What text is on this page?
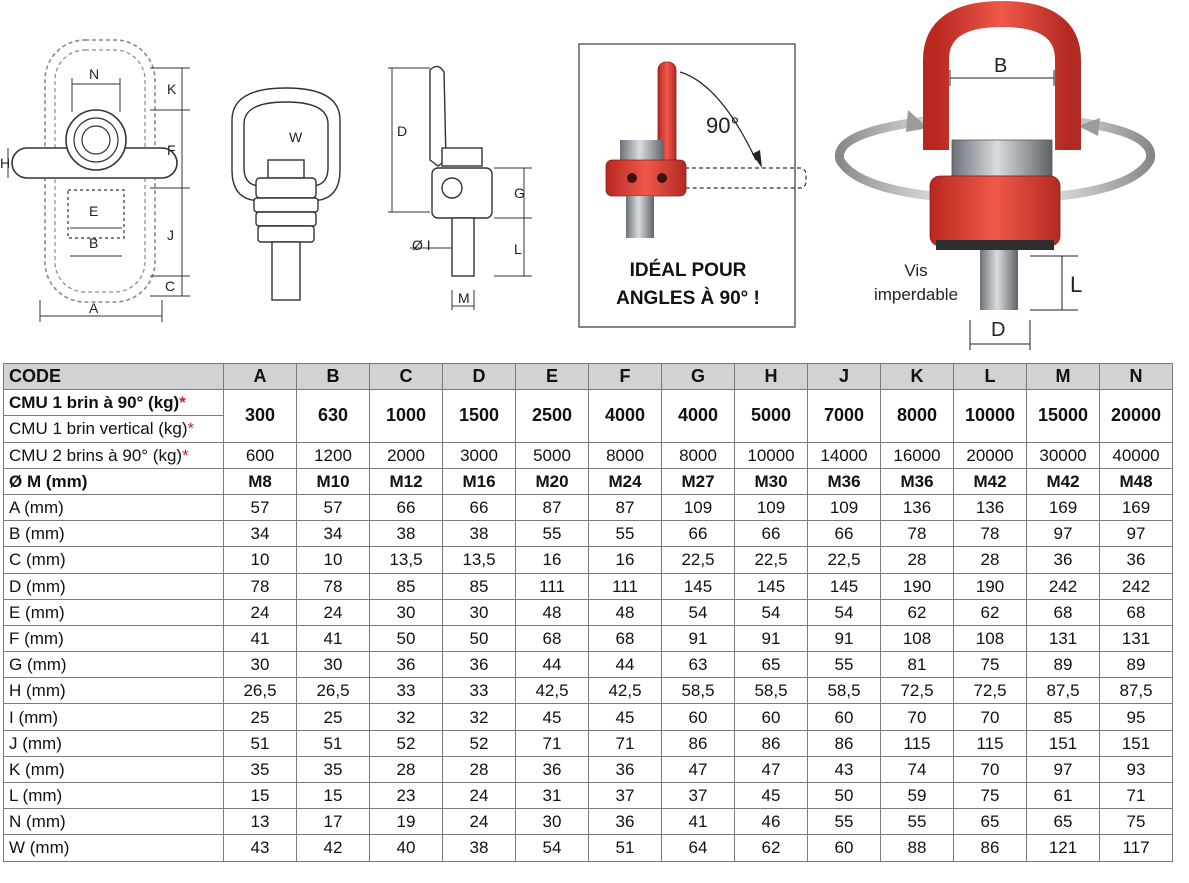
N
K
H
F
E
J
B
C
A
W	D
G
Ø I	L
M
90°
IDÉAL POUR
ANGLES À 90° !
B
L
D
Vis
imperdable
CODE	A	B	C	D	E	F	G	H	J	K	L	M	N
CMU 1 brin à 90° (kg)*	300	630	1000	1500	2500	4000	4000	5000	7000	8000	10000	15000	20000
CMU 1 brin vertical (kg)*													
CMU 2 brins à 90° (kg)*	600	1200	2000	3000	5000	8000	8000	10000	14000	16000	20000	30000	40000
Ø M (mm)	M8	M10	M12	M16	M20	M24	M27	M30	M36	M36	M42	M42	M48
A (mm)	57	57	66	66	87	87	109	109	109	136	136	169	169
B (mm)	34	34	38	38	55	55	66	66	66	78	78	97	97
C (mm)	10	10	13,5	13,5	16	16	22,5	22,5	22,5	28	28	36	36
D (mm)	78	78	85	85	111	111	145	145	145	190	190	242	242
E (mm)	24	24	30	30	48	48	54	54	54	62	62	68	68
F (mm)	41	41	50	50	68	68	91	91	91	108	108	131	131
G (mm)	30	30	36	36	44	44	63	65	55	81	75	89	89
H (mm)	26,5	26,5	33	33	42,5	42,5	58,5	58,5	58,5	72,5	72,5	87,5	87,5
I (mm)	25	25	32	32	45	45	60	60	60	70	70	85	95
J (mm)	51	51	52	52	71	71	86	86	86	115	115	151	151
K (mm)	35	35	28	28	36	36	47	47	43	74	70	97	93
L (mm)	15	15	23	24	31	37	37	45	50	59	75	61	71
N (mm)	13	17	19	24	30	36	41	46	55	55	65	65	75
W (mm)	43	42	40	38	54	51	64	62	60	88	86	121	117
